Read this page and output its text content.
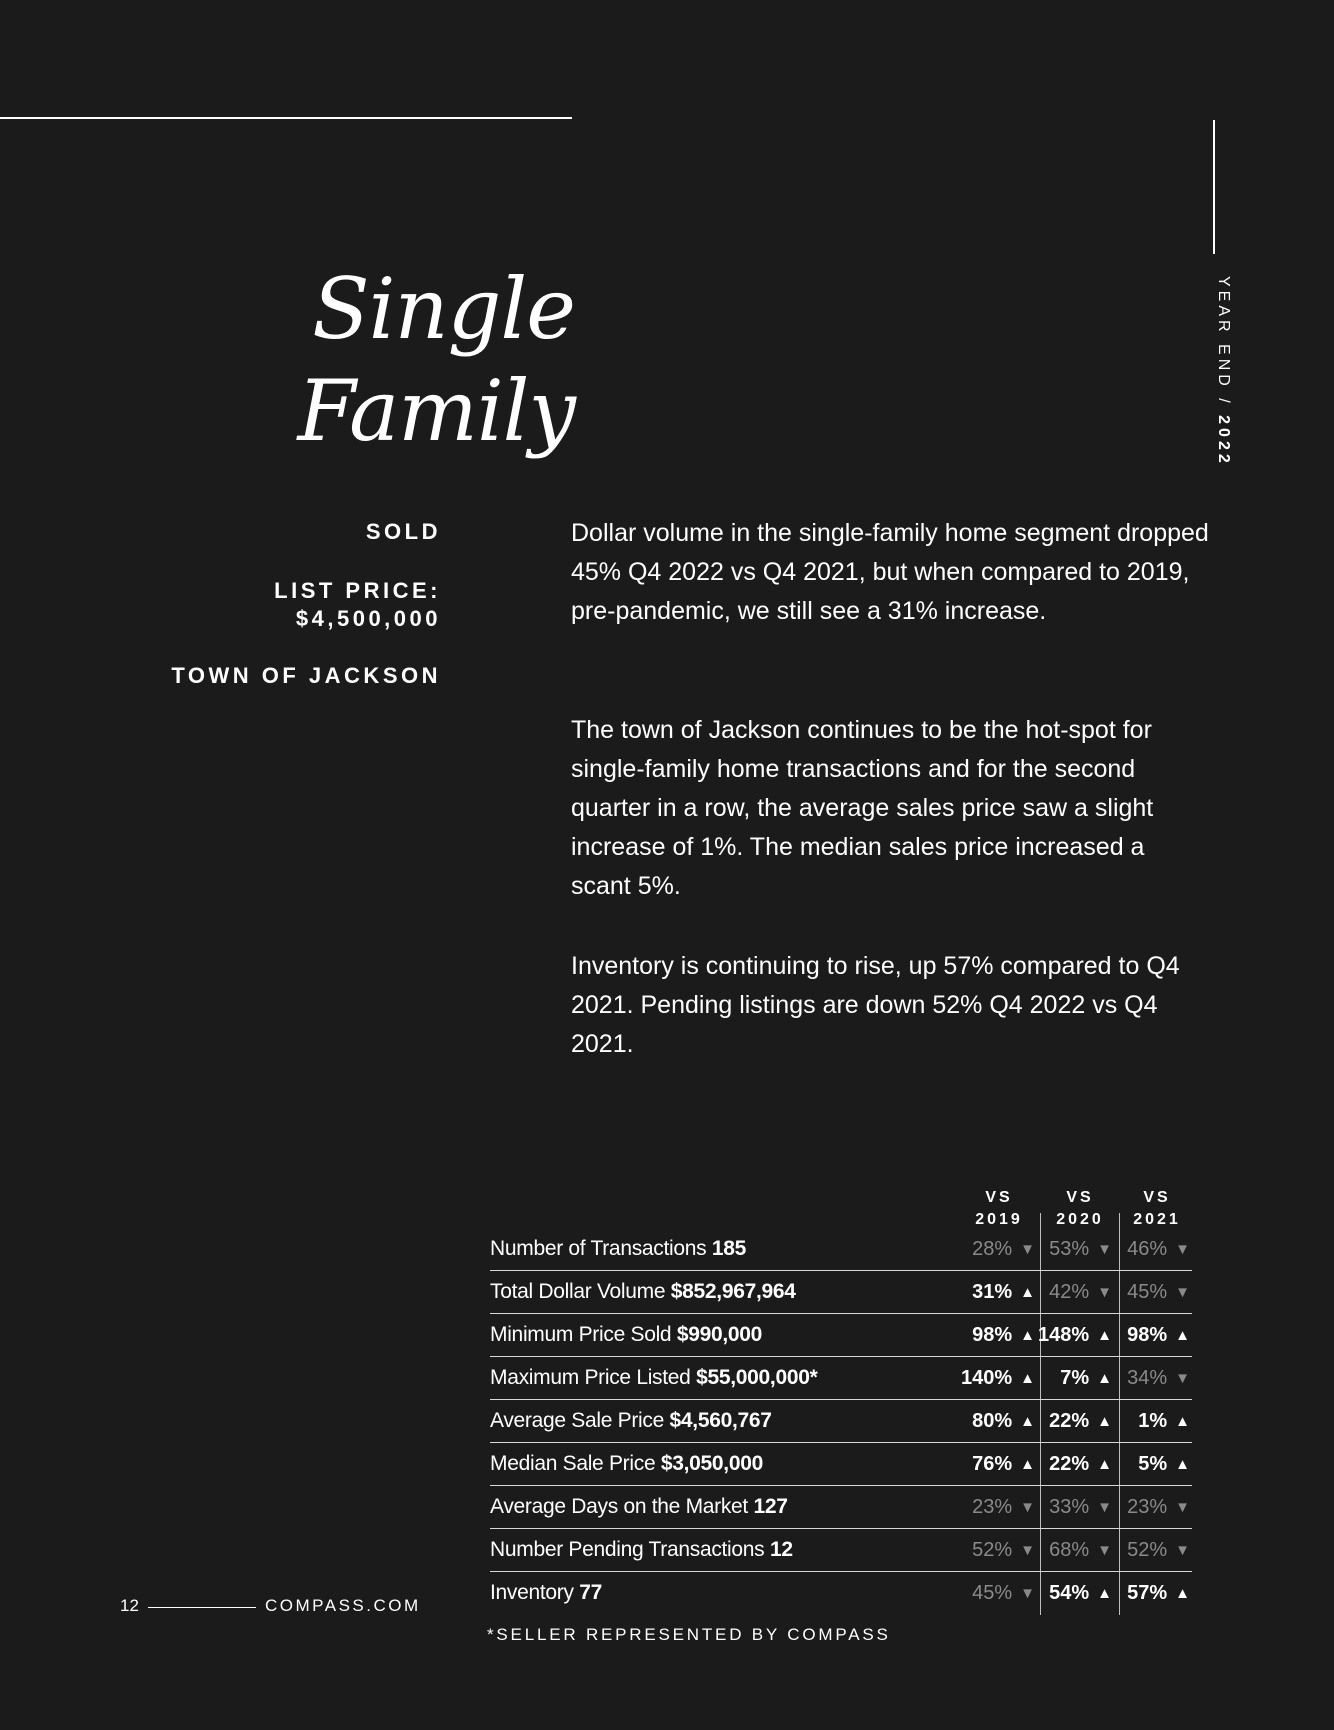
YEAR END / 2022
Single
Family
SOLD
LIST PRICE:
$4,500,000
TOWN OF JACKSON

Dollar volume in the single-family home segment dropped 45% Q4 2022 vs Q4 2021, but when compared to 2019, pre-pandemic, we still see a 31% increase.

The town of Jackson continues to be the hot-spot for single-family home transactions and for the second quarter in a row, the average sales price saw a slight increase of 1%. The median sales price increased a scant 5%.

Inventory is continuing to rise, up 57% compared to Q4 2021. Pending listings are down 52% Q4 2022 vs Q4 2021.

VS
2019
VS
2020
VS
2021
Number of Transactions 185	28% ▼ 53% ▼ 46% ▼
Total Dollar Volume $852,967,964	31% ▲ 42% ▼ 45% ▼
Minimum Price Sold $990,000	98% ▲ 148% ▲ 98% ▲
Maximum Price Listed $55,000,000*	140% ▲ 7% ▲ 34% ▼
Average Sale Price $4,560,767	80% ▲ 22% ▲ 1% ▲
Median Sale Price $3,050,000	76% ▲ 22% ▲ 5% ▲
Average Days on the Market 127	23% ▼ 33% ▼ 23% ▼
Number Pending Transactions 12	52% ▼ 68% ▼ 52% ▼
Inventory 77	45% ▼ 54% ▲ 57% ▲
*SELLER REPRESENTED BY COMPASS
12	COMPASS.COM
